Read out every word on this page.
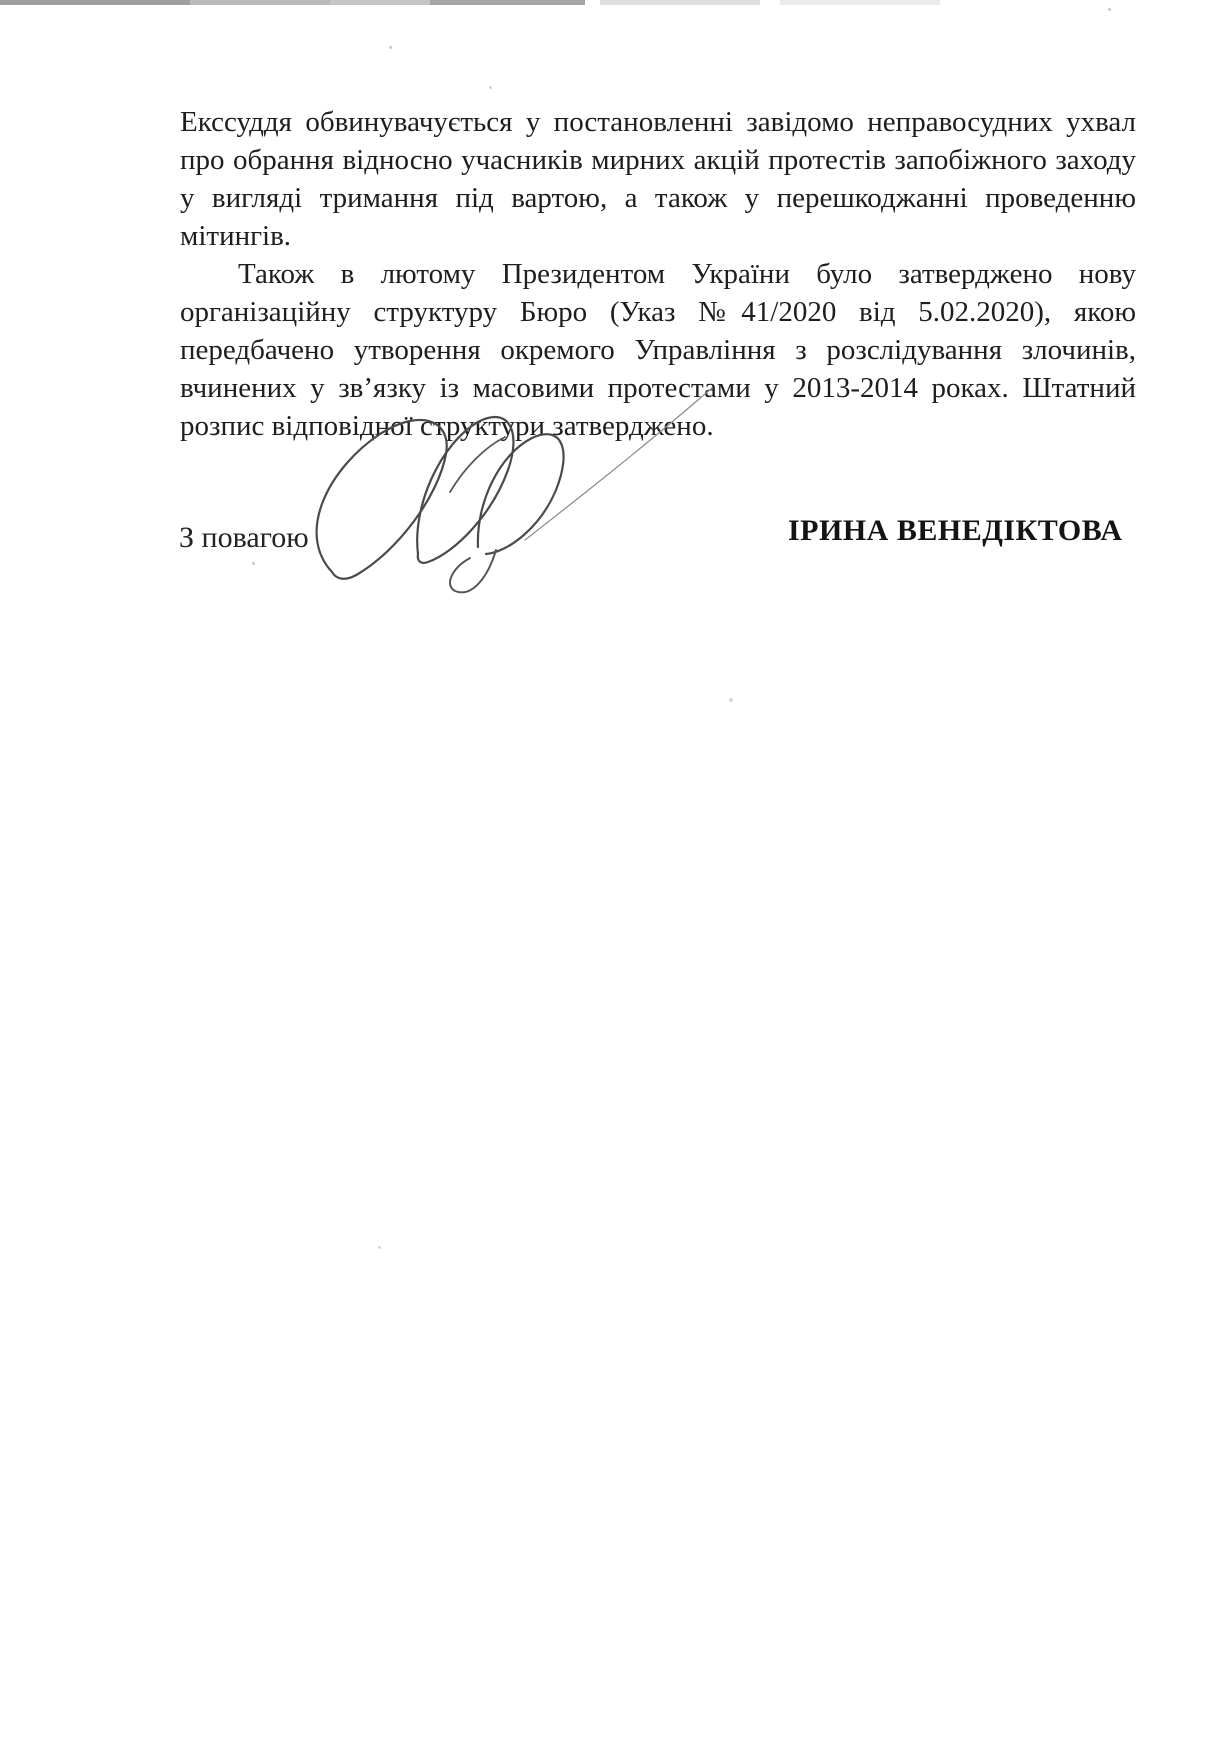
Екссуддя обвинувачується у постановленні завідомо неправосудних ухвал
про обрання відносно учасників мирних акцій протестів запобіжного заходу
у вигляді тримання під вартою, а також у перешкоджанні проведенню
мітингів.
Також в лютому Президентом України було затверджено нову
організаційну структуру Бюро (Указ №41/2020 від 5.02.2020), якою
передбачено утворення окремого Управління з розслідування злочинів,
вчинених у зв’язку із масовими протестами у 2013-2014 роках. Штатний
розпис відповідної структури затверджено.
З повагою	ІРИНА ВЕНЕДІКТОВА
